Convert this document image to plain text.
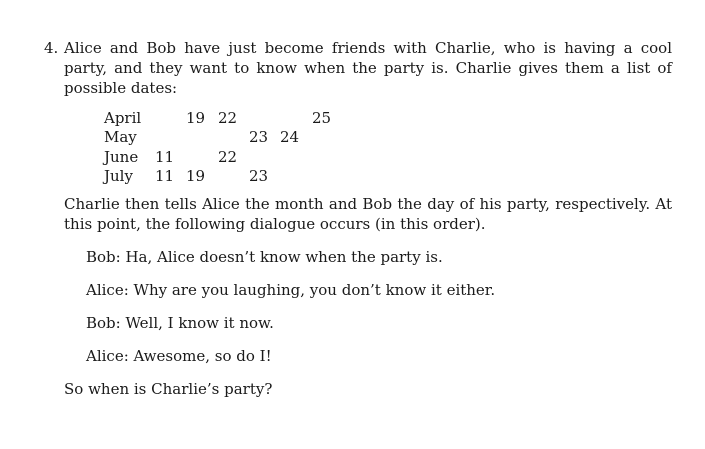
4. Alice and Bob have just become friends with Charlie, who is having a cool party, and they want to know when the party is. Charlie gives them a list of possible dates:
April	19 22	25
May	23 24
June 11	22
July 11 19	23
Charlie then tells Alice the month and Bob the day of his party, respectively. At this point, the following dialogue occurs (in this order).
Bob: Ha, Alice doesn’t know when the party is.
Alice: Why are you laughing, you don’t know it either.
Bob: Well, I know it now.
Alice: Awesome, so do I!
So when is Charlie’s party?
